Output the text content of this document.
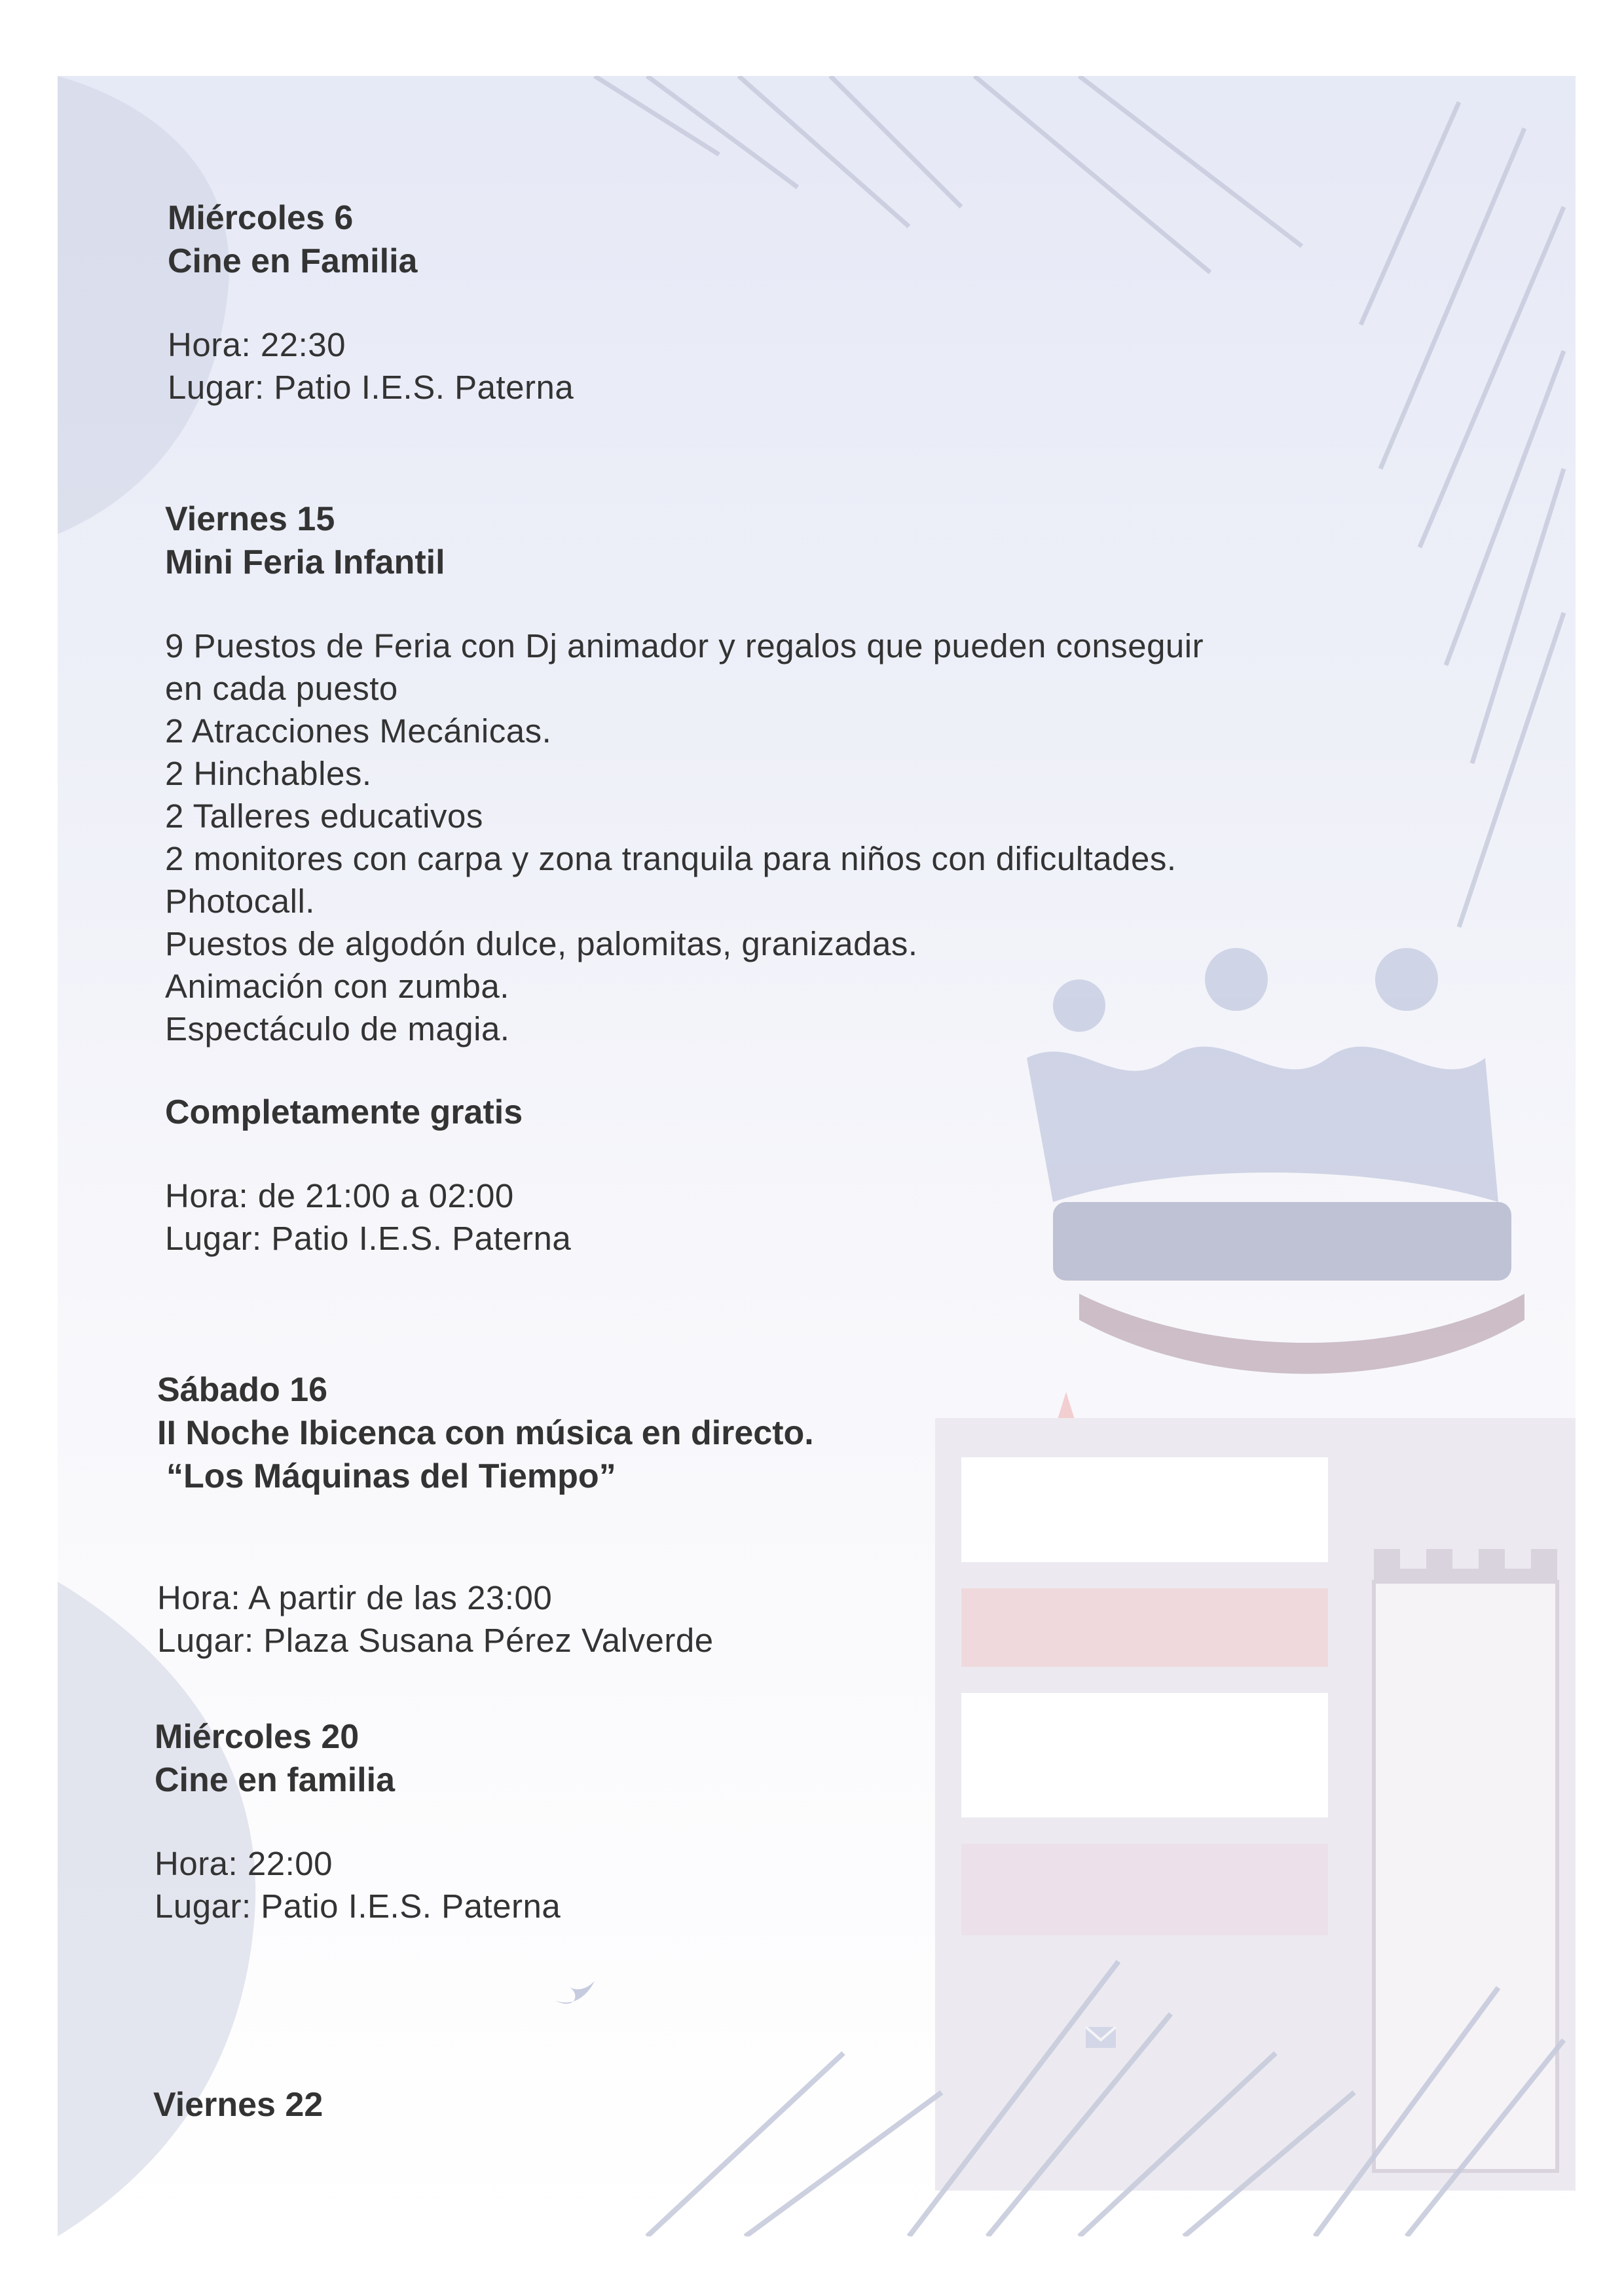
Miércoles 6
Cine en Familia
Hora: 22:30
Lugar: Patio I.E.S. Paterna
Viernes 15
Mini Feria Infantil
9 Puestos de Feria con Dj animador y regalos que pueden conseguir
en cada puesto
2 Atracciones Mecánicas.
2 Hinchables.
2 Talleres educativos
2 monitores con carpa y zona tranquila para niños con dificultades.
Photocall.
Puestos de algodón dulce, palomitas, granizadas.
Animación con zumba.
Espectáculo de magia.
Completamente gratis
Hora: de 21:00 a 02:00
Lugar: Patio I.E.S. Paterna
Sábado 16
II Noche Ibicenca con música en directo.
“Los Máquinas del Tiempo”
Hora: A partir de las 23:00
Lugar: Plaza Susana Pérez Valverde
Miércoles 20
Cine en familia
Hora: 22:00
Lugar: Patio I.E.S. Paterna
Viernes 22
